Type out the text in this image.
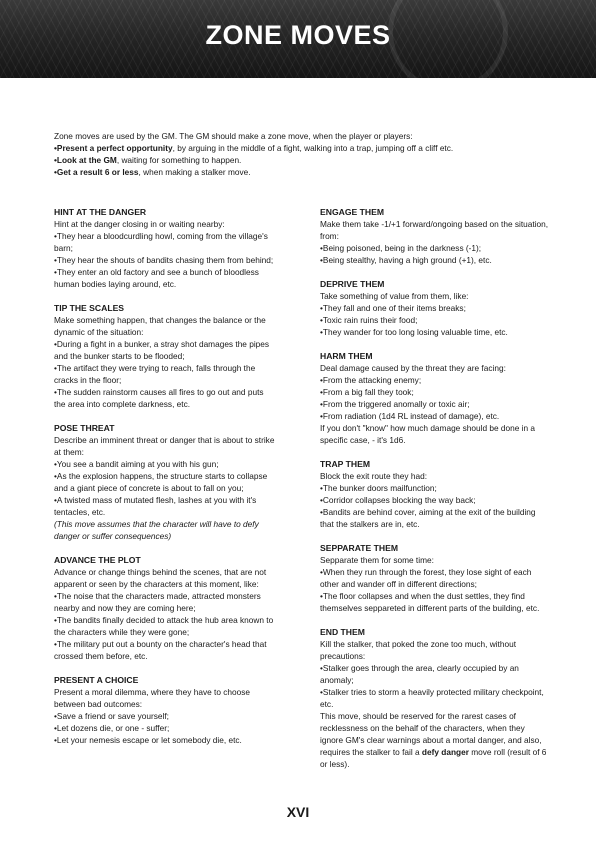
ZONE MOVES

Zone moves are used by the GM. The GM should make a zone move, when the player or players:

•Present a perfect opportunity, by arguing in the middle of a fight, walking into a trap, jumping off a cliff etc.

•Look at the GM, waiting for something to happen.

•Get a result 6 or less, when making a stalker move.

HINT AT THE DANGER

Hint at the danger closing in or waiting nearby:

•They hear a bloodcurdling howl, coming from the village's barn;

•They hear the shouts of bandits chasing them from behind;

•They enter an old factory and see a bunch of bloodless human bodies laying around, etc.

TIP THE SCALES

Make something happen, that changes the balance or the dynamic of the situation:

•During a fight in a bunker, a stray shot damages the pipes and the bunker starts to be flooded;

•The artifact they were trying to reach, falls through the cracks in the floor;

•The sudden rainstorm causes all fires to go out and puts the area into complete darkness, etc.

POSE THREAT

Describe an imminent threat or danger that is about to strike at them:

•You see a bandit aiming at you with his gun;

•As the explosion happens, the structure starts to collapse and a giant piece of concrete is about to fall on you;

•A twisted mass of mutated flesh, lashes at you with it's tentacles, etc.

(This move assumes that the character will have to defy danger or suffer consequences)

ADVANCE THE PLOT

Advance or change things behind the scenes, that are not apparent or seen by the characters at this moment, like:

•The noise that the characters made, attracted monsters nearby and now they are coming here;

•The bandits finally decided to attack the hub area known to the characters while they were gone;

•The military put out a bounty on the character's head that crossed them before, etc.

PRESENT A CHOICE

Present a moral dilemma, where they have to choose between bad outcomes:

•Save a friend or save yourself;

•Let dozens die, or one - suffer;

•Let your nemesis escape or let somebody die, etc.

ENGAGE THEM

Make them take -1/+1 forward/ongoing based on the situation, from:

•Being poisoned, being in the darkness (-1);

•Being stealthy, having a high ground (+1), etc.

DEPRIVE THEM

Take something of value from them, like:

•They fall and one of their items breaks;

•Toxic rain ruins their food;

•They wander for too long losing valuable time, etc.

HARM THEM

Deal damage caused by the threat they are facing:

•From the attacking enemy;

•From a big fall they took;

•From the triggered anomally or toxic air;

•From radiation (1d4 RL instead of damage), etc.

If you don't "know" how much damage should be done in a specific case, - it's 1d6.

TRAP THEM

Block the exit route they had:

•The bunker doors mailfunction;

•Corridor collapses blocking the way back;

•Bandits are behind cover, aiming at the exit of the building that the stalkers are in, etc.

SEPPARATE THEM

Sepparate them for some time:

•When they run through the forest, they lose sight of each other and wander off in different directions;

•The floor collapses and when the dust settles, they find themselves seppareted in different parts of the building, etc.

END THEM

Kill the stalker, that poked the zone too much, without precautions:

•Stalker goes through the area, clearly occupied by an anomaly;

•Stalker tries to storm a heavily protected military checkpoint, etc.

This move, should be reserved for the rarest cases of recklessness on the behalf of the characters, when they ignore GM's clear warnings about a mortal danger, and also, requires the stalker to fail a defy danger move roll (result of 6 or less).

XVI
